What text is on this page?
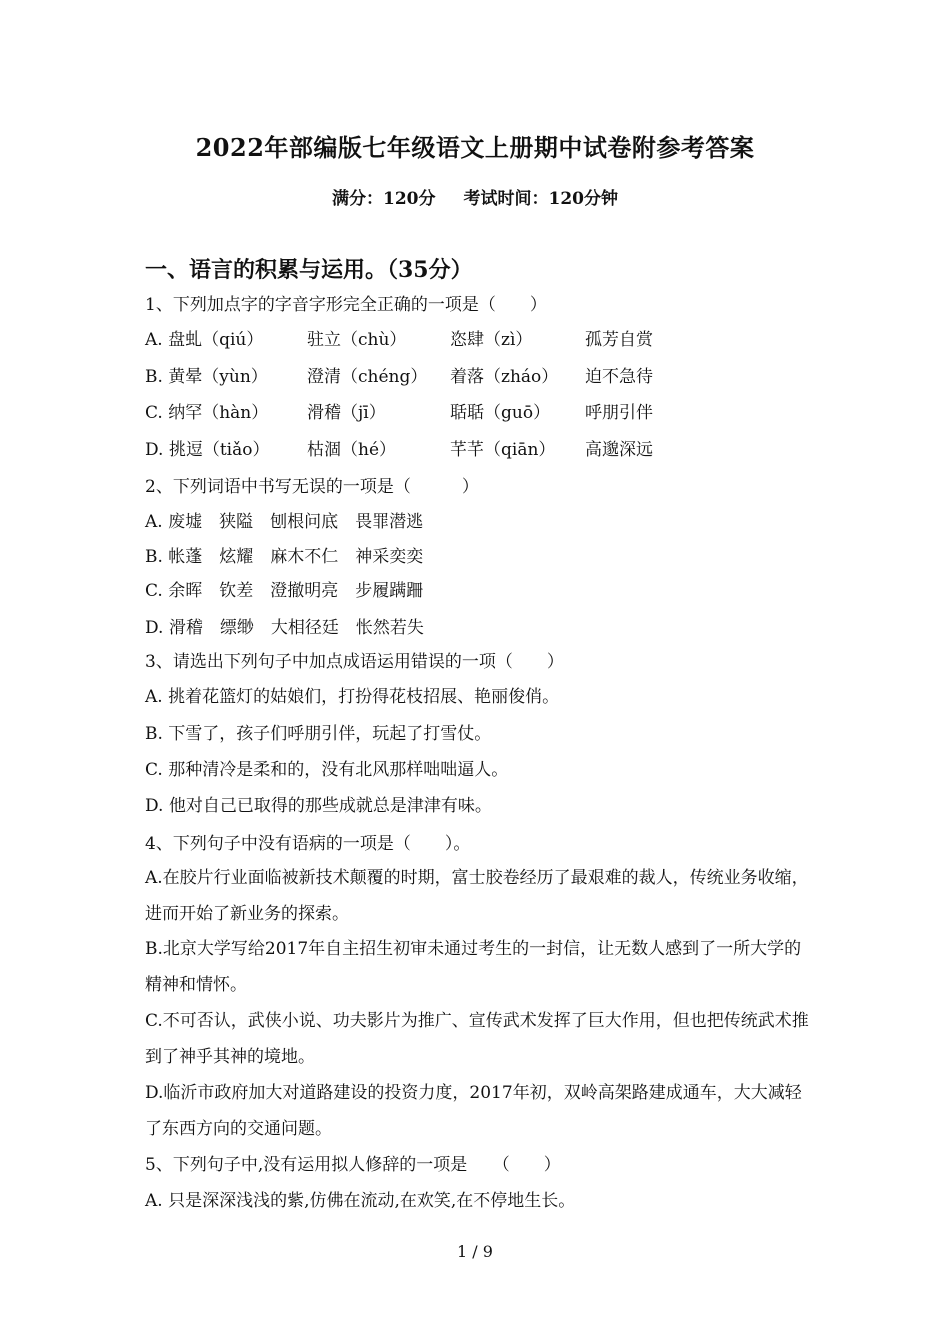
2022年部编版七年级语文上册期中试卷附参考答案
满分：120分 考试时间：120分钟
一、语言的积累与运用。（35分）
1、下列加点字的字音字形完全正确的一项是（　　）
A. 盘虬（qiú）	驻立（chù）	恣肆（zì）	孤芳自赏
B. 黄晕（yùn） 澄清（chéng） 着落（zháo） 迫不急待
C. 纳罕（hàn） 滑稽（jī）	聒聒（guō） 呼朋引伴
D. 挑逗（tiǎo） 枯涸（hé）	芊芊（qiān） 高邈深远
2、下列词语中书写无误的一项是（　　　）
A. 废墟　狭隘　刨根问底　畏罪潜逃
B. 帐蓬　炫耀　麻木不仁　神采奕奕
C. 余晖　钦差　澄撤明亮　步履蹒跚
D. 滑稽　缥缈　大相径廷　怅然若失
3、请选出下列句子中加点成语运用错误的一项（　　）
A. 挑着花篮灯的姑娘们，打扮得花枝招展、艳丽俊俏。
B. 下雪了，孩子们呼朋引伴，玩起了打雪仗。
C. 那种清冷是柔和的，没有北风那样咄咄逼人。
D. 他对自己已取得的那些成就总是津津有味。
4、下列句子中没有语病的一项是（　　）。
A.在胶片行业面临被新技术颠覆的时期，富士胶卷经历了最艰难的裁人，传统业务收缩，进而开始了新业务的探索。
B.北京大学写给2017年自主招生初审未通过考生的一封信，让无数人感到了一所大学的精神和情怀。
C.不可否认，武侠小说、功夫影片为推广、宣传武术发挥了巨大作用，但也把传统武术推到了神乎其神的境地。
D.临沂市政府加大对道路建设的投资力度，2017年初，双岭高架路建成通车，大大减轻了东西方向的交通问题。
5、下列句子中,没有运用拟人修辞的一项是　　（　　）
A. 只是深深浅浅的紫,仿佛在流动,在欢笑,在不停地生长。
1 / 9
